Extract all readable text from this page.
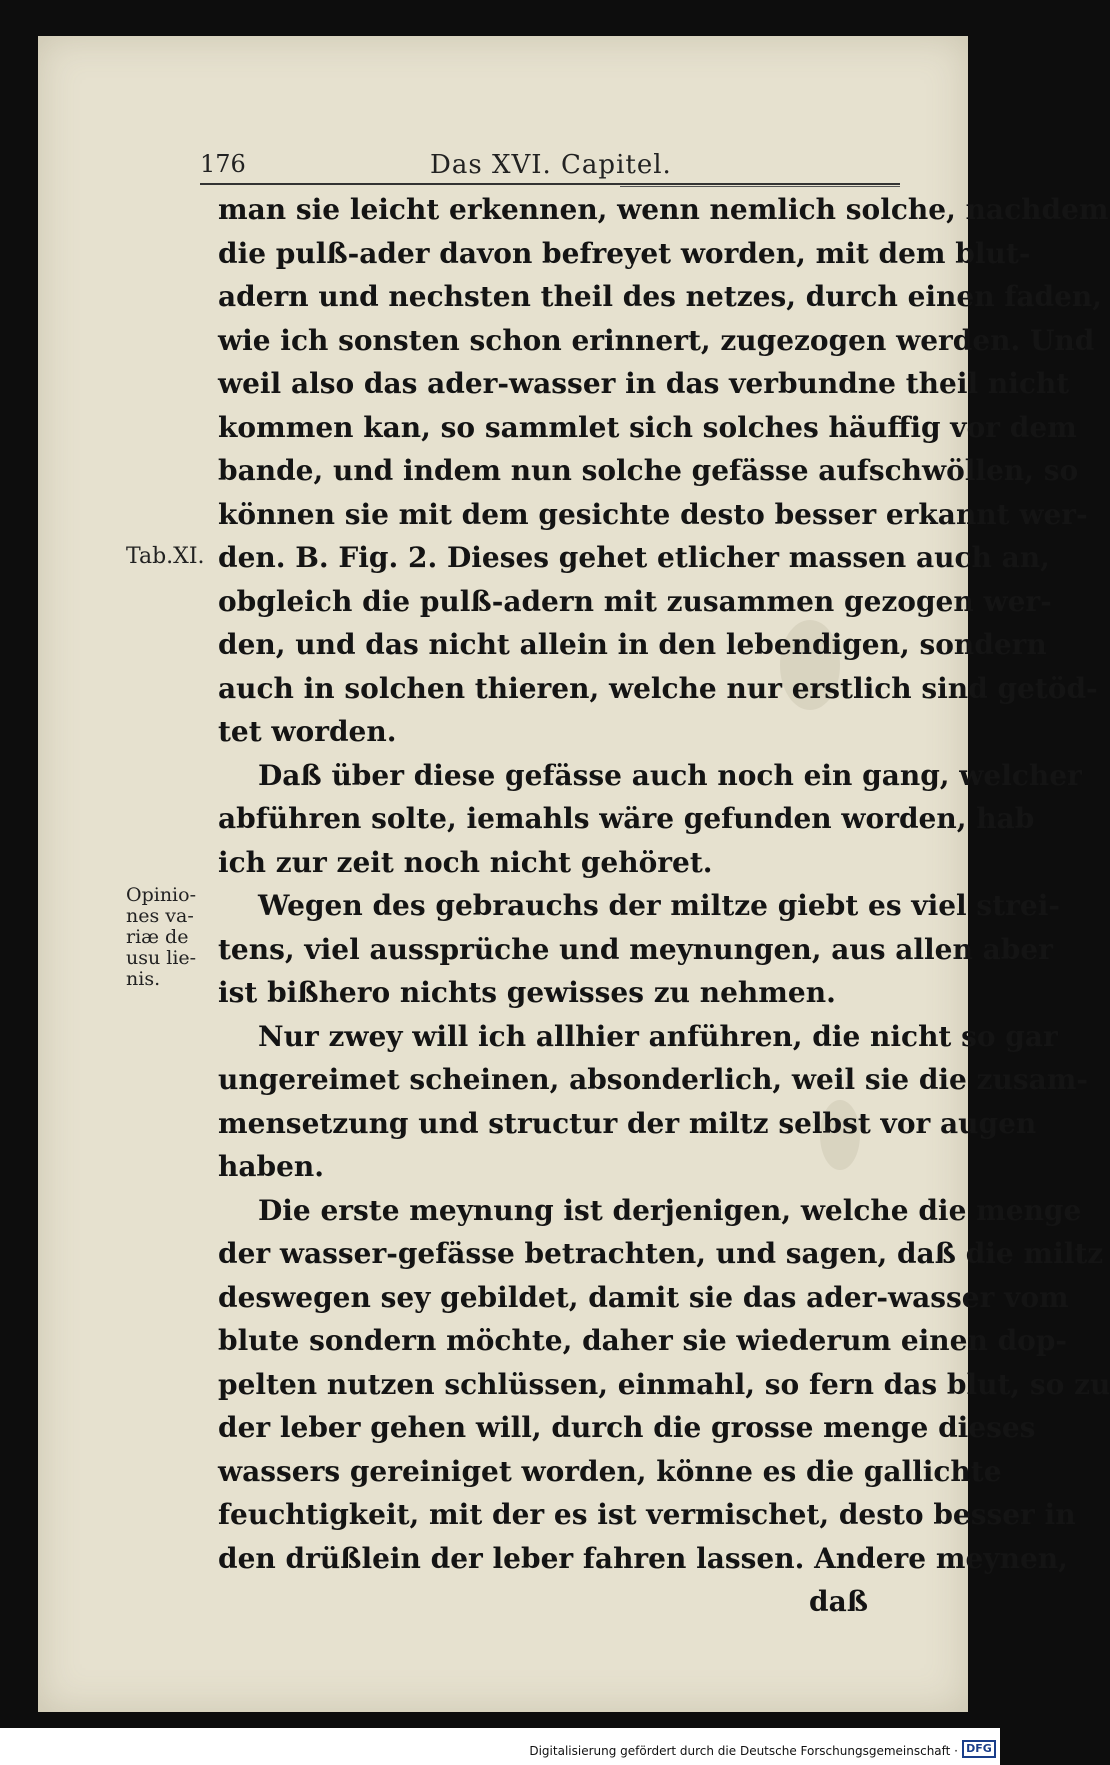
176	Das XVI. Capitel.
Tab.XI.
Opinio-
nes va-
riæ de
usu lie-
nis.
man sie leicht erkennen, wenn nemlich solche, nachdem
die pulß-ader davon befreyet worden, mit dem blut-
adern und nechsten theil des netzes, durch einen faden,
wie ich sonsten schon erinnert, zugezogen werden. Und
weil also das ader-wasser in das verbundne theil nicht
kommen kan, so sammlet sich solches häuffig vor dem
bande, und indem nun solche gefässe aufschwöllen, so
können sie mit dem gesichte desto besser erkannt wer-
den. B. Fig. 2. Dieses gehet etlicher massen auch an,
obgleich die pulß-adern mit zusammen gezogen wer-
den, und das nicht allein in den lebendigen, sondern
auch in solchen thieren, welche nur erstlich sind getöd-
tet worden.
Daß über diese gefässe auch noch ein gang, welcher
abführen solte, iemahls wäre gefunden worden, hab
ich zur zeit noch nicht gehöret.
Wegen des gebrauchs der miltze giebt es viel strei-
tens, viel aussprüche und meynungen, aus allen aber
ist bißhero nichts gewisses zu nehmen.
Nur zwey will ich allhier anführen, die nicht so gar
ungereimet scheinen, absonderlich, weil sie die zusam-
mensetzung und structur der miltz selbst vor augen
haben.
Die erste meynung ist derjenigen, welche die menge
der wasser-gefässe betrachten, und sagen, daß die miltz
deswegen sey gebildet, damit sie das ader-wasser vom
blute sondern möchte, daher sie wiederum einen dop-
pelten nutzen schlüssen, einmahl, so fern das blut, so zu
der leber gehen will, durch die grosse menge dieses
wassers gereiniget worden, könne es die gallichte
feuchtigkeit, mit der es ist vermischet, desto besser in
den drüßlein der leber fahren lassen. Andere meynen,
daß
Digitalisierung gefördert durch die Deutsche Forschungsgemeinschaft · DFG
